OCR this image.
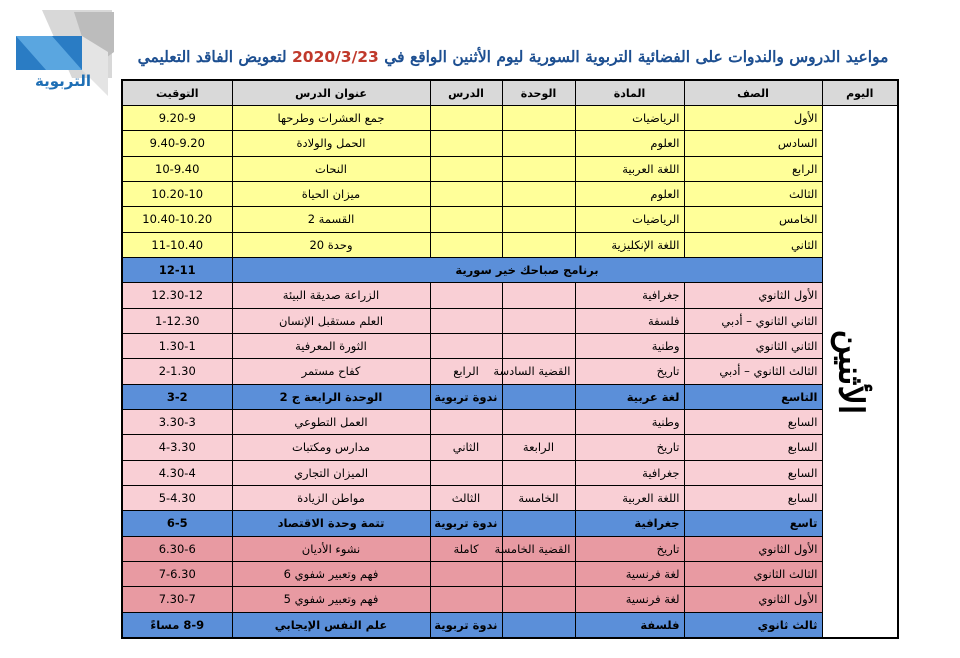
التربوية
مواعيد الدروس والندوات على الفضائية التربوية السورية ليوم الأثنين الواقع في 2020/3/23 لتعويض الفاقد التعليمي
اليوم	الصف	المادة	الوحدة	الدرس	عنوان الدرس	التوقيت
الأثنين	الأول	الرياضيات			جمع العشرات وطرحها	9.20-9
	السادس	العلوم			الحمل والولادة	9.40-9.20
	الرابع	اللغة العربية			النحات	10-9.40
	الثالث	العلوم			ميزان الحياة	10.20-10
	الخامس	الرياضيات			القسمة 2	10.40-10.20
	الثاني	اللغة الإنكليزية			وحدة 20	11-10.40
	برنامج صباحك خير سورية					12-11
	الأول الثانوي	جغرافية			الزراعة صديقة البيئة	12.30-12
	الثاني الثانوي – أدبي	فلسفة			العلم مستقبل الإنسان	1-12.30
	الثاني الثانوي	وطنية			الثورة المعرفية	1.30-1
	الثالث الثانوي – أدبي	تاريخ	القضية السادسة	الرابع	كفاح مستمر	2-1.30
	التاسع	لغة عربية		ندوة تربوية	الوحدة الرابعة ج 2	3-2
	السابع	وطنية			العمل التطوعي	3.30-3
	السابع	تاريخ	الرابعة	الثاني	مدارس ومكتبات	4-3.30
	السابع	جغرافية			الميزان التجاري	4.30-4
	السابع	اللغة العربية	الخامسة	الثالث	مواطن الزيادة	5-4.30
	تاسع	جغرافية		ندوة تربوية	تتمة وحدة الاقتصاد	6-5
	الأول الثانوي	تاريخ	القضية الخامسة	كاملة	نشوء الأديان	6.30-6
	الثالث الثانوي	لغة فرنسية			فهم وتعبير شفوي 6	7-6.30
	الأول الثانوي	لغة فرنسية			فهم وتعبير شفوي 5	7.30-7
	ثالث ثانوي	فلسفة		ندوة تربوية	علم النفس الإيجابي	8-9 مساءً
